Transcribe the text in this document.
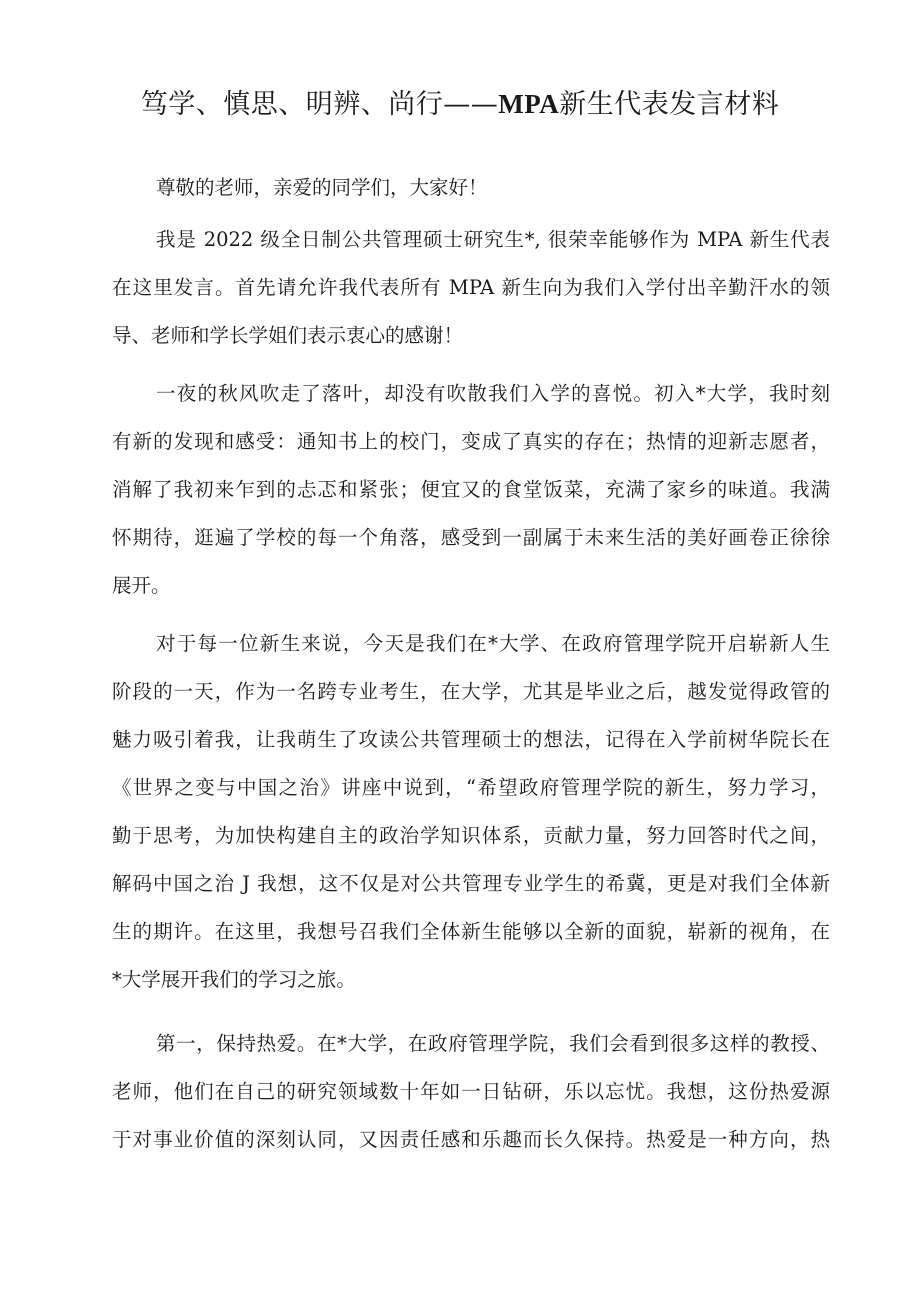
笃学、慎思、明辨、尚行——MPA新生代表发言材料
尊敬的老师，亲爱的同学们，大家好！
我是 2022 级全日制公共管理硕士研究生*, 很荣幸能够作为 MPA 新生代表
在这里发言。首先请允许我代表所有 MPA 新生向为我们入学付出辛勤汗水的领
导、老师和学长学姐们表示衷心的感谢！
一夜的秋风吹走了落叶，却没有吹散我们入学的喜悦。初入*大学，我时刻
有新的发现和感受：通知书上的校门，变成了真实的存在；热情的迎新志愿者，
消解了我初来乍到的忐忑和紧张；便宜又的食堂饭菜，充满了家乡的味道。我满
怀期待，逛遍了学校的每一个角落，感受到一副属于未来生活的美好画卷正徐徐
展开。
对于每一位新生来说，今天是我们在*大学、在政府管理学院开启崭新人生
阶段的一天，作为一名跨专业考生，在大学，尤其是毕业之后，越发觉得政管的
魅力吸引着我，让我萌生了攻读公共管理硕士的想法，记得在入学前树华院长在
《世界之变与中国之治》讲座中说到，“希望政府管理学院的新生，努力学习，
勤于思考，为加快构建自主的政治学知识体系，贡献力量，努力回答时代之间，
解码中国之治 J 我想，这不仅是对公共管理专业学生的希冀，更是对我们全体新
生的期许。在这里，我想号召我们全体新生能够以全新的面貌，崭新的视角，在
*大学展开我们的学习之旅。
第一，保持热爱。在*大学，在政府管理学院，我们会看到很多这样的教授、
老师，他们在自己的研究领域数十年如一日钻研，乐以忘忧。我想，这份热爱源
于对事业价值的深刻认同，又因责任感和乐趣而长久保持。热爱是一种方向，热
